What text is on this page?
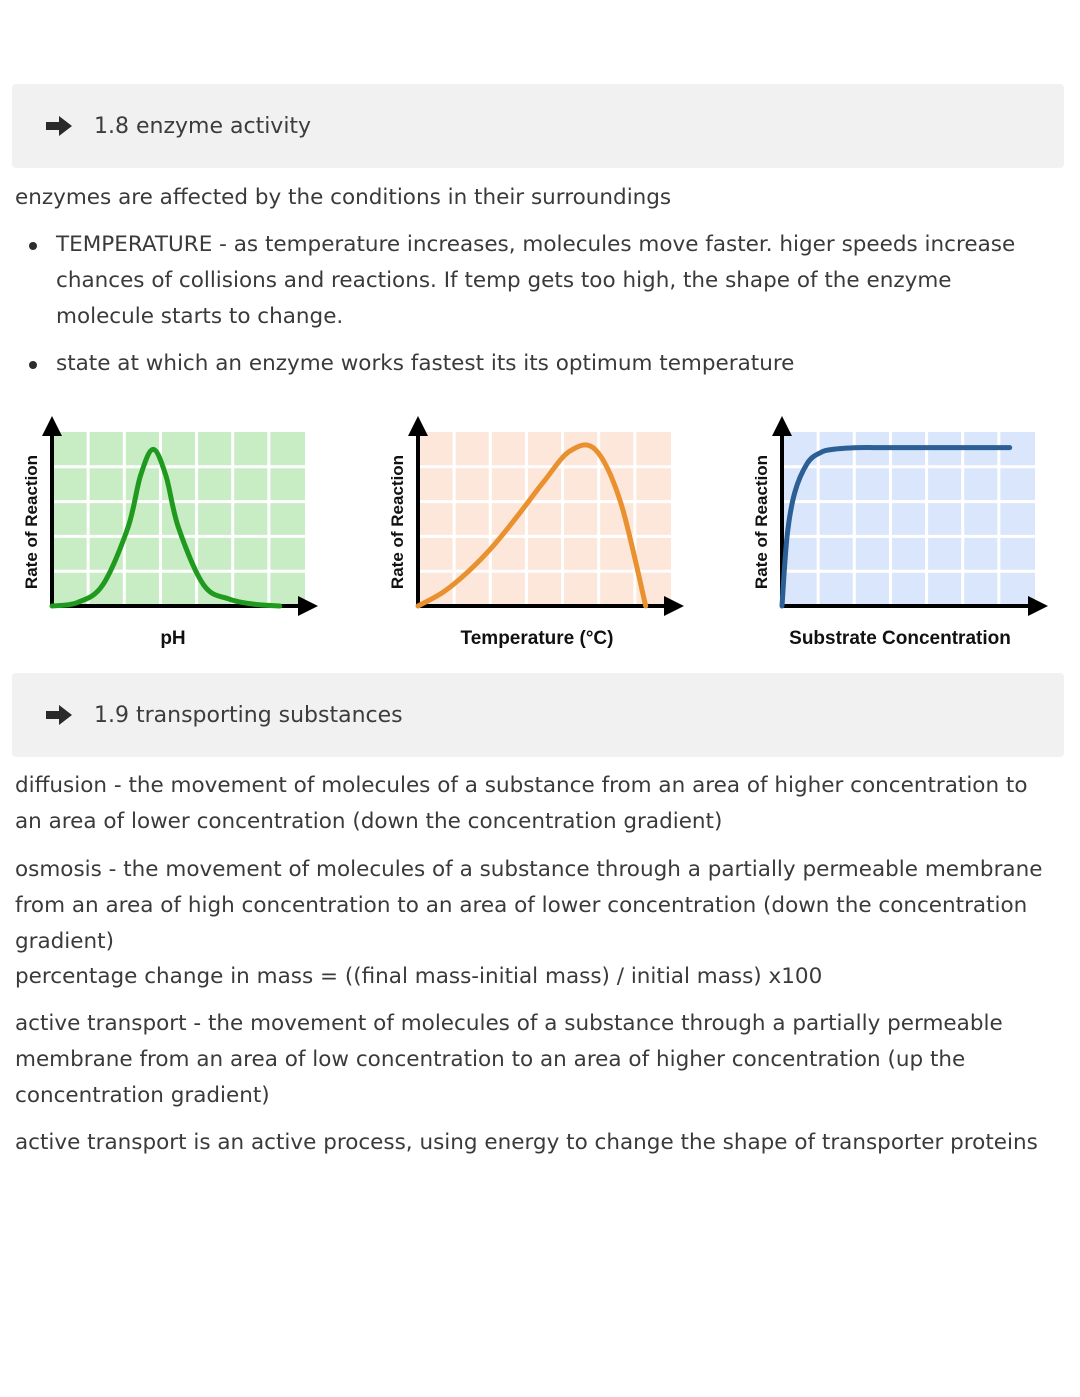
1.8 enzyme activity

enzymes are affected by the conditions in their surroundings

TEMPERATURE - as temperature increases, molecules move faster. higer speeds increase chances of collisions and reactions. If temp gets too high, the shape of the enzyme molecule starts to change.
state at which an enzyme works fastest its its optimum temperature
Rate of Reaction
pH
Rate of Reaction
Temperature (°C)
Rate of Reaction
Substrate Concentration
1.9 transporting substances

diffusion - the movement of molecules of a substance from an area of higher concentration to an area of lower concentration (down the concentration gradient)

osmosis - the movement of molecules of a substance through a partially permeable membrane from an area of high concentration to an area of lower concentration (down the concentration gradient)

percentage change in mass = ((final mass-initial mass) / initial mass) x100

active transport - the movement of molecules of a substance through a partially permeable membrane from an area of low concentration to an area of higher concentration (up the concentration gradient)

active transport is an active process, using energy to change the shape of transporter proteins
